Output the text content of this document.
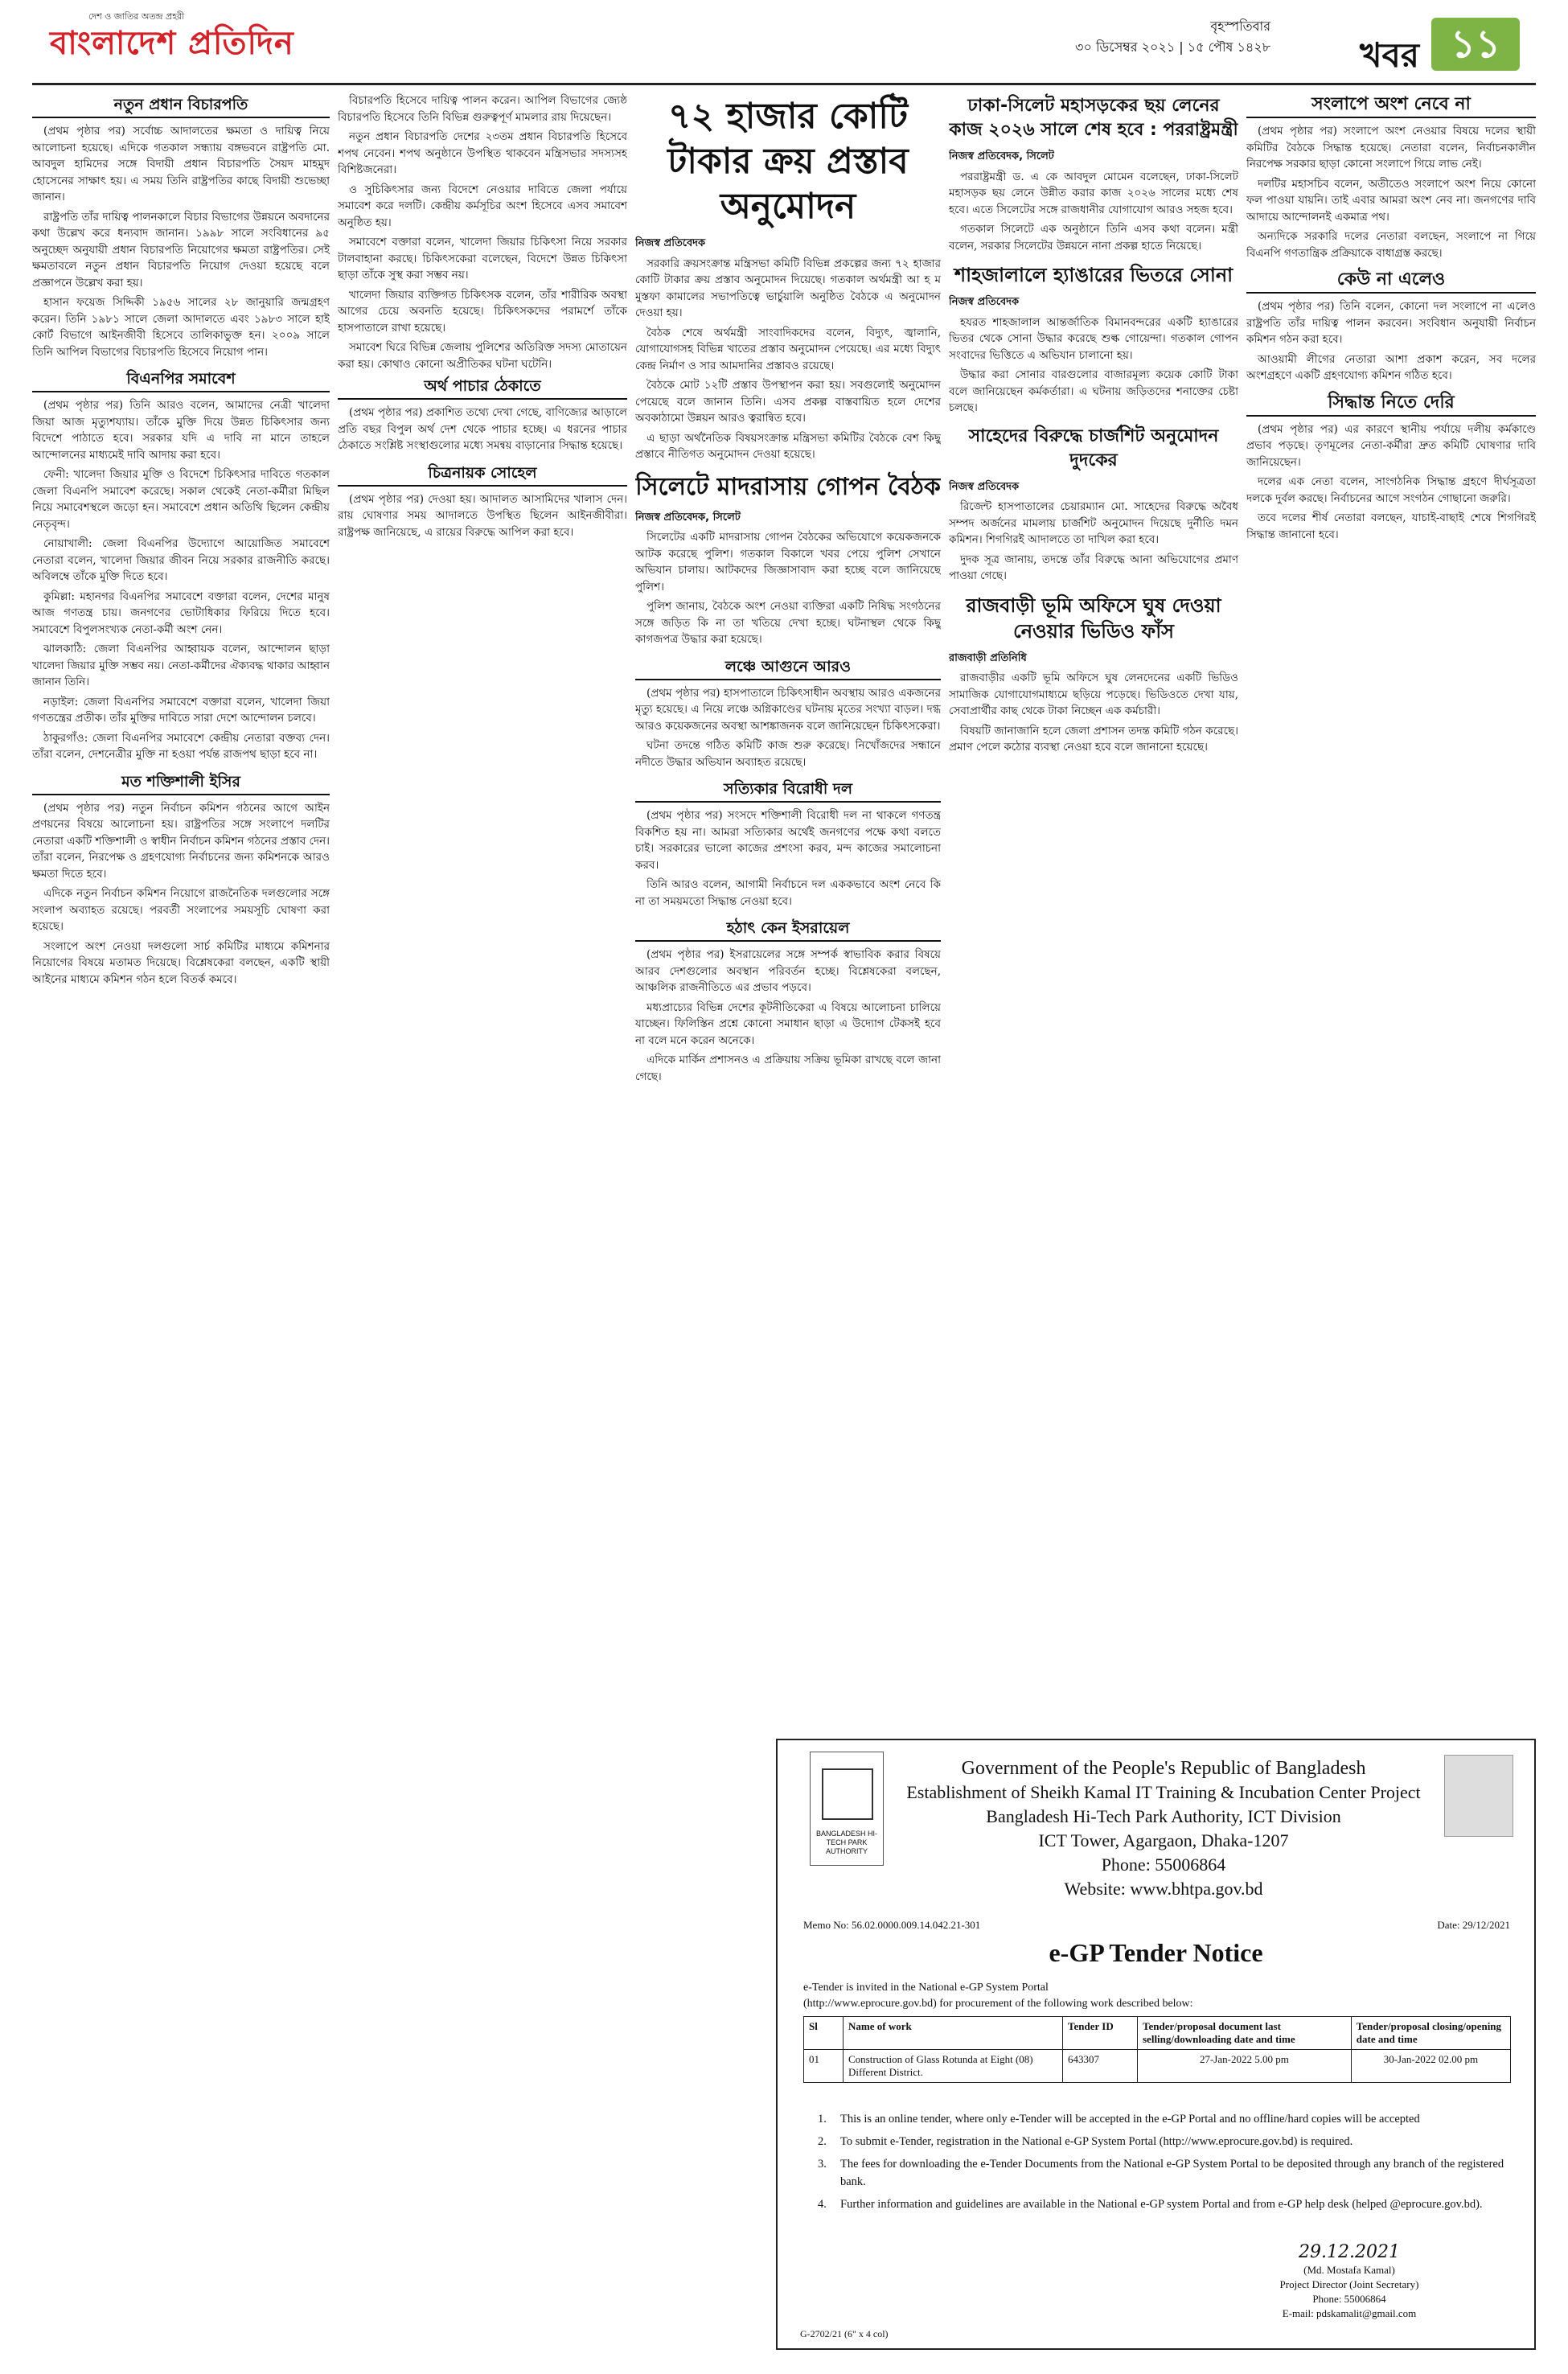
দেশ ও জাতির অতন্দ্র প্রহরী
বাংলাদেশ প্রতিদিন	বৃহস্পতিবার
৩০ ডিসেম্বর ২০২১ | ১৫ পৌষ ১৪২৮	খবর ১১
নতুন প্রধান বিচারপতি

(প্রথম পৃষ্ঠার পর) সর্বোচ্চ আদালতের ক্ষমতা ও দায়িত্ব নিয়ে আলোচনা হয়েছে। এদিকে গতকাল সন্ধ্যায় বঙ্গভবনে রাষ্ট্রপতি মো. আবদুল হামিদের সঙ্গে বিদায়ী প্রধান বিচারপতি সৈয়দ মাহমুদ হোসেনের সাক্ষাৎ হয়। এ সময় তিনি রাষ্ট্রপতির কাছে বিদায়ী শুভেচ্ছা জানান।

রাষ্ট্রপতি তাঁর দায়িত্ব পালনকালে বিচার বিভাগের উন্নয়নে অবদানের কথা উল্লেখ করে ধন্যবাদ জানান। ১৯৯৮ সালে সংবিধানের ৯৫ অনুচ্ছেদ অনুযায়ী প্রধান বিচারপতি নিয়োগের ক্ষমতা রাষ্ট্রপতির। সেই ক্ষমতাবলে নতুন প্রধান বিচারপতি নিয়োগ দেওয়া হয়েছে বলে প্রজ্ঞাপনে উল্লেখ করা হয়।

হাসান ফয়েজ সিদ্দিকী ১৯৫৬ সালের ২৮ জানুয়ারি জন্মগ্রহণ করেন। তিনি ১৯৮১ সালে জেলা আদালতে এবং ১৯৮৩ সালে হাই কোর্ট বিভাগে আইনজীবী হিসেবে তালিকাভুক্ত হন। ২০০৯ সালে তিনি আপিল বিভাগের বিচারপতি হিসেবে নিয়োগ পান।

বিএনপির সমাবেশ

(প্রথম পৃষ্ঠার পর) তিনি আরও বলেন, আমাদের নেত্রী খালেদা জিয়া আজ মৃত্যুশয্যায়। তাঁকে মুক্তি দিয়ে উন্নত চিকিৎসার জন্য বিদেশে পাঠাতে হবে। সরকার যদি এ দাবি না মানে তাহলে আন্দোলনের মাধ্যমেই দাবি আদায় করা হবে।

ফেনী: খালেদা জিয়ার মুক্তি ও বিদেশে চিকিৎসার দাবিতে গতকাল জেলা বিএনপি সমাবেশ করেছে। সকাল থেকেই নেতা-কর্মীরা মিছিল নিয়ে সমাবেশস্থলে জড়ো হন। সমাবেশে প্রধান অতিথি ছিলেন কেন্দ্রীয় নেতৃবৃন্দ।

নোয়াখালী: জেলা বিএনপির উদ্যোগে আয়োজিত সমাবেশে নেতারা বলেন, খালেদা জিয়ার জীবন নিয়ে সরকার রাজনীতি করছে। অবিলম্বে তাঁকে মুক্তি দিতে হবে।

কুমিল্লা: মহানগর বিএনপির সমাবেশে বক্তারা বলেন, দেশের মানুষ আজ গণতন্ত্র চায়। জনগণের ভোটাধিকার ফিরিয়ে দিতে হবে। সমাবেশে বিপুলসংখ্যক নেতা-কর্মী অংশ নেন।

ঝালকাঠি: জেলা বিএনপির আহ্বায়ক বলেন, আন্দোলন ছাড়া খালেদা জিয়ার মুক্তি সম্ভব নয়। নেতা-কর্মীদের ঐক্যবদ্ধ থাকার আহ্বান জানান তিনি।

নড়াইল: জেলা বিএনপির সমাবেশে বক্তারা বলেন, খালেদা জিয়া গণতন্ত্রের প্রতীক। তাঁর মুক্তির দাবিতে সারা দেশে আন্দোলন চলবে।

ঠাকুরগাঁও: জেলা বিএনপির সমাবেশে কেন্দ্রীয় নেতারা বক্তব্য দেন। তাঁরা বলেন, দেশনেত্রীর মুক্তি না হওয়া পর্যন্ত রাজপথ ছাড়া হবে না।

মত শক্তিশালী ইসির

(প্রথম পৃষ্ঠার পর) নতুন নির্বাচন কমিশন গঠনের আগে আইন প্রণয়নের বিষয়ে আলোচনা হয়। রাষ্ট্রপতির সঙ্গে সংলাপে দলটির নেতারা একটি শক্তিশালী ও স্বাধীন নির্বাচন কমিশন গঠনের প্রস্তাব দেন। তাঁরা বলেন, নিরপেক্ষ ও গ্রহণযোগ্য নির্বাচনের জন্য কমিশনকে আরও ক্ষমতা দিতে হবে।

এদিকে নতুন নির্বাচন কমিশন নিয়োগে রাজনৈতিক দলগুলোর সঙ্গে সংলাপ অব্যাহত রয়েছে। পরবর্তী সংলাপের সময়সূচি ঘোষণা করা হয়েছে।

সংলাপে অংশ নেওয়া দলগুলো সার্চ কমিটির মাধ্যমে কমিশনার নিয়োগের বিষয়ে মতামত দিয়েছে। বিশ্লেষকেরা বলছেন, একটি স্থায়ী আইনের মাধ্যমে কমিশন গঠন হলে বিতর্ক কমবে।

বিচারপতি হিসেবে দায়িত্ব পালন করেন। আপিল বিভাগের জ্যেষ্ঠ বিচারপতি হিসেবে তিনি বিভিন্ন গুরুত্বপূর্ণ মামলার রায় দিয়েছেন।

নতুন প্রধান বিচারপতি দেশের ২৩তম প্রধান বিচারপতি হিসেবে শপথ নেবেন। শপথ অনুষ্ঠানে উপস্থিত থাকবেন মন্ত্রিসভার সদস্যসহ বিশিষ্টজনেরা।

ও সুচিকিৎসার জন্য বিদেশে নেওয়ার দাবিতে জেলা পর্যায়ে সমাবেশ করে দলটি। কেন্দ্রীয় কর্মসূচির অংশ হিসেবে এসব সমাবেশ অনুষ্ঠিত হয়।

সমাবেশে বক্তারা বলেন, খালেদা জিয়ার চিকিৎসা নিয়ে সরকার টালবাহানা করছে। চিকিৎসকেরা বলেছেন, বিদেশে উন্নত চিকিৎসা ছাড়া তাঁকে সুস্থ করা সম্ভব নয়।

খালেদা জিয়ার ব্যক্তিগত চিকিৎসক বলেন, তাঁর শারীরিক অবস্থা আগের চেয়ে অবনতি হয়েছে। চিকিৎসকদের পরামর্শে তাঁকে হাসপাতালে রাখা হয়েছে।

সমাবেশ ঘিরে বিভিন্ন জেলায় পুলিশের অতিরিক্ত সদস্য মোতায়েন করা হয়। কোথাও কোনো অপ্রীতিকর ঘটনা ঘটেনি।

অর্থ পাচার ঠেকাতে

(প্রথম পৃষ্ঠার পর) প্রকাশিত তথ্যে দেখা গেছে, বাণিজ্যের আড়ালে প্রতি বছর বিপুল অর্থ দেশ থেকে পাচার হচ্ছে। এ ধরনের পাচার ঠেকাতে সংশ্লিষ্ট সংস্থাগুলোর মধ্যে সমন্বয় বাড়ানোর সিদ্ধান্ত হয়েছে।

চিত্রনায়ক সোহেল

(প্রথম পৃষ্ঠার পর) দেওয়া হয়। আদালত আসামিদের খালাস দেন। রায় ঘোষণার সময় আদালতে উপস্থিত ছিলেন আইনজীবীরা। রাষ্ট্রপক্ষ জানিয়েছে, এ রায়ের বিরুদ্ধে আপিল করা হবে।

৭২ হাজার কোটি টাকার ক্রয় প্রস্তাব অনুমোদন
নিজস্ব প্রতিবেদক

সরকারি ক্রয়সংক্রান্ত মন্ত্রিসভা কমিটি বিভিন্ন প্রকল্পের জন্য ৭২ হাজার কোটি টাকার ক্রয় প্রস্তাব অনুমোদন দিয়েছে। গতকাল অর্থমন্ত্রী আ হ ম মুস্তফা কামালের সভাপতিত্বে ভার্চুয়ালি অনুষ্ঠিত বৈঠকে এ অনুমোদন দেওয়া হয়।

বৈঠক শেষে অর্থমন্ত্রী সাংবাদিকদের বলেন, বিদ্যুৎ, জ্বালানি, যোগাযোগসহ বিভিন্ন খাতের প্রস্তাব অনুমোদন পেয়েছে। এর মধ্যে বিদ্যুৎ কেন্দ্র নির্মাণ ও সার আমদানির প্রস্তাবও রয়েছে।

বৈঠকে মোট ১২টি প্রস্তাব উপস্থাপন করা হয়। সবগুলোই অনুমোদন পেয়েছে বলে জানান তিনি। এসব প্রকল্প বাস্তবায়িত হলে দেশের অবকাঠামো উন্নয়ন আরও ত্বরান্বিত হবে।

এ ছাড়া অর্থনৈতিক বিষয়সংক্রান্ত মন্ত্রিসভা কমিটির বৈঠকে বেশ কিছু প্রস্তাবে নীতিগত অনুমোদন দেওয়া হয়েছে।

সিলেটে মাদরাসায় গোপন বৈঠক
নিজস্ব প্রতিবেদক, সিলেট

সিলেটের একটি মাদরাসায় গোপন বৈঠকের অভিযোগে কয়েকজনকে আটক করেছে পুলিশ। গতকাল বিকালে খবর পেয়ে পুলিশ সেখানে অভিযান চালায়। আটকদের জিজ্ঞাসাবাদ করা হচ্ছে বলে জানিয়েছে পুলিশ।

পুলিশ জানায়, বৈঠকে অংশ নেওয়া ব্যক্তিরা একটি নিষিদ্ধ সংগঠনের সঙ্গে জড়িত কি না তা খতিয়ে দেখা হচ্ছে। ঘটনাস্থল থেকে কিছু কাগজপত্র উদ্ধার করা হয়েছে।

লঞ্চে আগুনে আরও

(প্রথম পৃষ্ঠার পর) হাসপাতালে চিকিৎসাধীন অবস্থায় আরও একজনের মৃত্যু হয়েছে। এ নিয়ে লঞ্চে অগ্নিকাণ্ডের ঘটনায় মৃতের সংখ্যা বাড়ল। দগ্ধ আরও কয়েকজনের অবস্থা আশঙ্কাজনক বলে জানিয়েছেন চিকিৎসকেরা।

ঘটনা তদন্তে গঠিত কমিটি কাজ শুরু করেছে। নিখোঁজদের সন্ধানে নদীতে উদ্ধার অভিযান অব্যাহত রয়েছে।

সত্যিকার বিরোধী দল

(প্রথম পৃষ্ঠার পর) সংসদে শক্তিশালী বিরোধী দল না থাকলে গণতন্ত্র বিকশিত হয় না। আমরা সত্যিকার অর্থেই জনগণের পক্ষে কথা বলতে চাই। সরকারের ভালো কাজের প্রশংসা করব, মন্দ কাজের সমালোচনা করব।

তিনি আরও বলেন, আগামী নির্বাচনে দল এককভাবে অংশ নেবে কি না তা সময়মতো সিদ্ধান্ত নেওয়া হবে।

হঠাৎ কেন ইসরায়েল

(প্রথম পৃষ্ঠার পর) ইসরায়েলের সঙ্গে সম্পর্ক স্বাভাবিক করার বিষয়ে আরব দেশগুলোর অবস্থান পরিবর্তন হচ্ছে। বিশ্লেষকেরা বলছেন, আঞ্চলিক রাজনীতিতে এর প্রভাব পড়বে।

মধ্যপ্রাচ্যের বিভিন্ন দেশের কূটনীতিকেরা এ বিষয়ে আলোচনা চালিয়ে যাচ্ছেন। ফিলিস্তিন প্রশ্নে কোনো সমাধান ছাড়া এ উদ্যোগ টেকসই হবে না বলে মনে করেন অনেকে।

এদিকে মার্কিন প্রশাসনও এ প্রক্রিয়ায় সক্রিয় ভূমিকা রাখছে বলে জানা গেছে।

ঢাকা-সিলেট মহাসড়কের ছয় লেনের কাজ ২০২৬ সালে শেষ হবে : পররাষ্ট্রমন্ত্রী
নিজস্ব প্রতিবেদক, সিলেট

পররাষ্ট্রমন্ত্রী ড. এ কে আবদুল মোমেন বলেছেন, ঢাকা-সিলেট মহাসড়ক ছয় লেনে উন্নীত করার কাজ ২০২৬ সালের মধ্যে শেষ হবে। এতে সিলেটের সঙ্গে রাজধানীর যোগাযোগ আরও সহজ হবে।

গতকাল সিলেটে এক অনুষ্ঠানে তিনি এসব কথা বলেন। মন্ত্রী বলেন, সরকার সিলেটের উন্নয়নে নানা প্রকল্প হাতে নিয়েছে।

শাহজালালে হ্যাঙারের ভিতরে সোনা
নিজস্ব প্রতিবেদক

হযরত শাহজালাল আন্তর্জাতিক বিমানবন্দরের একটি হ্যাঙারের ভিতর থেকে সোনা উদ্ধার করেছে শুল্ক গোয়েন্দা। গতকাল গোপন সংবাদের ভিত্তিতে এ অভিযান চালানো হয়।

উদ্ধার করা সোনার বারগুলোর বাজারমূল্য কয়েক কোটি টাকা বলে জানিয়েছেন কর্মকর্তারা। এ ঘটনায় জড়িতদের শনাক্তের চেষ্টা চলছে।

সাহেদের বিরুদ্ধে চার্জশিট অনুমোদন দুদকের
নিজস্ব প্রতিবেদক

রিজেন্ট হাসপাতালের চেয়ারম্যান মো. সাহেদের বিরুদ্ধে অবৈধ সম্পদ অর্জনের মামলায় চার্জশিট অনুমোদন দিয়েছে দুর্নীতি দমন কমিশন। শিগগিরই আদালতে তা দাখিল করা হবে।

দুদক সূত্র জানায়, তদন্তে তাঁর বিরুদ্ধে আনা অভিযোগের প্রমাণ পাওয়া গেছে।

রাজবাড়ী ভূমি অফিসে ঘুষ দেওয়া নেওয়ার ভিডিও ফাঁস
রাজবাড়ী প্রতিনিধি

রাজবাড়ীর একটি ভূমি অফিসে ঘুষ লেনদেনের একটি ভিডিও সামাজিক যোগাযোগমাধ্যমে ছড়িয়ে পড়েছে। ভিডিওতে দেখা যায়, সেবাপ্রার্থীর কাছ থেকে টাকা নিচ্ছেন এক কর্মচারী।

বিষয়টি জানাজানি হলে জেলা প্রশাসন তদন্ত কমিটি গঠন করেছে। প্রমাণ পেলে কঠোর ব্যবস্থা নেওয়া হবে বলে জানানো হয়েছে।

সংলাপে অংশ নেবে না

(প্রথম পৃষ্ঠার পর) সংলাপে অংশ নেওয়ার বিষয়ে দলের স্থায়ী কমিটির বৈঠকে সিদ্ধান্ত হয়েছে। নেতারা বলেন, নির্বাচনকালীন নিরপেক্ষ সরকার ছাড়া কোনো সংলাপে গিয়ে লাভ নেই।

দলটির মহাসচিব বলেন, অতীতেও সংলাপে অংশ নিয়ে কোনো ফল পাওয়া যায়নি। তাই এবার আমরা অংশ নেব না। জনগণের দাবি আদায়ে আন্দোলনই একমাত্র পথ।

অন্যদিকে সরকারি দলের নেতারা বলছেন, সংলাপে না গিয়ে বিএনপি গণতান্ত্রিক প্রক্রিয়াকে বাধাগ্রস্ত করছে।

কেউ না এলেও

(প্রথম পৃষ্ঠার পর) তিনি বলেন, কোনো দল সংলাপে না এলেও রাষ্ট্রপতি তাঁর দায়িত্ব পালন করবেন। সংবিধান অনুযায়ী নির্বাচন কমিশন গঠন করা হবে।

আওয়ামী লীগের নেতারা আশা প্রকাশ করেন, সব দলের অংশগ্রহণে একটি গ্রহণযোগ্য কমিশন গঠিত হবে।

সিদ্ধান্ত নিতে দেরি

(প্রথম পৃষ্ঠার পর) এর কারণে স্থানীয় পর্যায়ে দলীয় কর্মকাণ্ডে প্রভাব পড়ছে। তৃণমূলের নেতা-কর্মীরা দ্রুত কমিটি ঘোষণার দাবি জানিয়েছেন।

দলের এক নেতা বলেন, সাংগঠনিক সিদ্ধান্ত গ্রহণে দীর্ঘসূত্রতা দলকে দুর্বল করছে। নির্বাচনের আগে সংগঠন গোছানো জরুরি।

তবে দলের শীর্ষ নেতারা বলছেন, যাচাই-বাছাই শেষে শিগগিরই সিদ্ধান্ত জানানো হবে।

BANGLADESH HI-TECH PARK AUTHORITY
Government of the People's Republic of Bangladesh
Establishment of Sheikh Kamal IT Training & Incubation Center Project
Bangladesh Hi-Tech Park Authority, ICT Division
ICT Tower, Agargaon, Dhaka-1207
Phone: 55006864
Website: www.bhtpa.gov.bd
Memo No: 56.02.0000.009.14.042.21-301	Date: 29/12/2021
e-GP Tender Notice
e-Tender is invited in the National e-GP System Portal
(http://www.eprocure.gov.bd) for procurement of the following work described below:
Sl	Name of work	Tender ID	Tender/proposal document last selling/downloading date and time	Tender/proposal closing/opening date and time
01	Construction of Glass Rotunda at Eight (08) Different District.	643307	27-Jan-2022 5.00 pm	30-Jan-2022 02.00 pm
1.	This is an online tender, where only e-Tender will be accepted in the e-GP Portal and no offline/hard copies will be accepted
2.	To submit e-Tender, registration in the National e-GP System Portal (http://www.eprocure.gov.bd) is required.
3.	The fees for downloading the e-Tender Documents from the National e-GP System Portal to be deposited through any branch of the registered bank.
4.	Further information and guidelines are available in the National e-GP system Portal and from e-GP help desk (helped @eprocure.gov.bd).
29.12.2021
(Md. Mostafa Kamal)
Project Director (Joint Secretary)
Phone: 55006864
E-mail: pdskamalit@gmail.com
G-2702/21 (6" x 4 col)
